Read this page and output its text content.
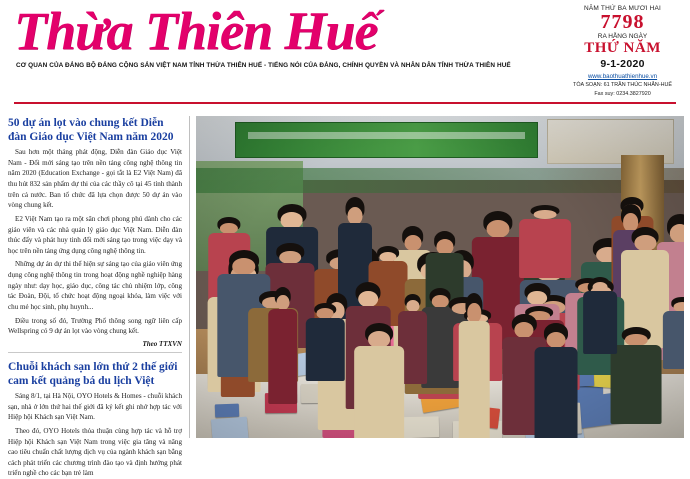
Thừa Thiên Huế
CƠ QUAN CỦA ĐẢNG BỘ ĐẢNG CỘNG SẢN VIỆT NAM TỈNH THỪA THIÊN HUẾ - TIẾNG NÓI CỦA ĐẢNG, CHÍNH QUYỀN VÀ NHÂN DÂN TỈNH THỪA THIÊN HUẾ
NĂM THỨ BA MƯƠI HAI
7798
RA HẰNG NGÀY
THỨ NĂM
9-1-2020
www.baothuathienhue.vn
TÒA SOẠN: 61 TRẦN THÚC NHẪN-HUẾ
Fax suy: 0234.3827920
50 dự án lọt vào chung kết Diễn đàn Giáo dục Việt Nam năm 2020
Sau hơn một tháng phát động, Diễn đàn Giáo dục Việt Nam - Đổi mới sáng tạo trên nền tảng công nghệ thông tin năm 2020 (Education Exchange - gọi tắt là E2 Việt Nam) đã thu hút 832 sản phẩm dự thi của các thầy cô tại 45 tỉnh thành trên cả nước. Ban tổ chức đã lựa chọn được 50 dự án vào vòng chung kết.
E2 Việt Nam tạo ra một sân chơi phong phú dành cho các giáo viên và các nhà quản lý giáo dục Việt Nam. Diễn đàn thúc đẩy và phát huy tinh đổi mới sáng tạo trong việc dạy và học trên nền tảng ứng dụng công nghệ thông tin.
Những dự án dự thi thể hiện sự sáng tạo của giáo viên ứng dụng công nghệ thông tin trong hoạt động nghề nghiệp hàng ngày như: dạy học, giáo dục, công tác chủ nhiệm lớp, công tác Đoàn, Đội, tổ chức hoạt động ngoại khóa, làm việc với chu mẻ học sinh, phụ huynh...
Điều trong số đó, Trường Phổ thông song ngữ liên cấp Wellspring có 9 dự án lọt vào vòng chung kết.
Theo TTXVN
Chuỗi khách sạn lớn thứ 2 thế giới cam kết quảng bá du lịch Việt
Sáng 8/1, tại Hà Nội, OYO Hotels & Homes - chuỗi khách sạn, nhà ở lớn thứ hai thế giới đã ký kết ghi nhớ hợp tác với Hiệp hội Khách sạn Việt Nam.
Theo đó, OYO Hotels thỏa thuận cùng hợp tác và hỗ trợ Hiệp hội Khách sạn Việt Nam trong việc gia tăng và nâng cao tiêu chuẩn chất lượng dịch vụ của ngành khách sạn bằng cách phát triển các chương trình đào tạo và định hướng phát triển nghề cho các bạn trẻ làm
